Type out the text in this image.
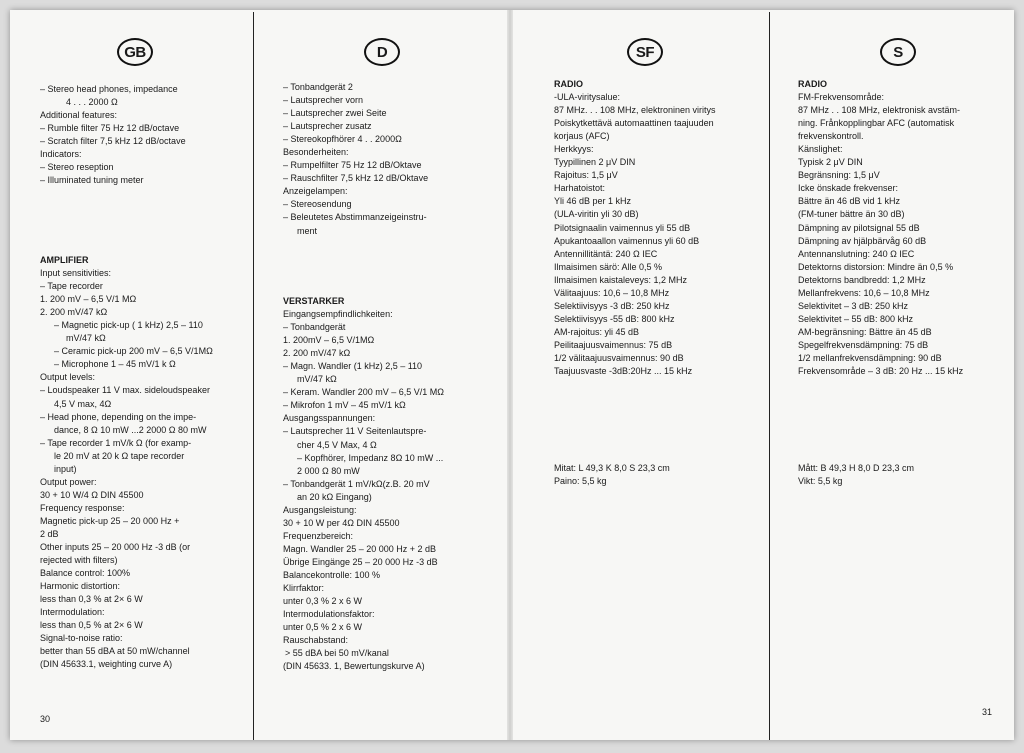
GB
– Stereo head phones, impedance
4 . . . 2000 Ω
Additional features:
– Rumble filter 75 Hz 12 dB/octave
– Scratch filter 7,5 kHz 12 dB/octave
Indicators:
– Stereo reseption
– Illuminated tuning meter
AMPLIFIER
Input sensitivities:
– Tape recorder
1. 200 mV – 6,5 V/1 MΩ
2. 200 mV/47 kΩ
– Magnetic pick-up ( 1 kHz) 2,5 – 110
mV/47 kΩ
– Ceramic pick-up 200 mV – 6,5 V/1MΩ
– Microphone 1 – 45 mV/1 k Ω
Output levels:
– Loudspeaker 11 V max. sideloudspeaker
4,5 V max, 4Ω
– Head phone, depending on the impe-
dance, 8 Ω 10 mW ...2 2000 Ω 80 mW
– Tape recorder 1 mV/k Ω (for examp-
le 20 mV at 20 k Ω tape recorder
input)
Output power:
30 + 10 W/4 Ω DIN 45500
Frequency response:
Magnetic pick-up 25 – 20 000 Hz +
2 dB
Other inputs 25 – 20 000 Hz -3 dB (or
rejected with filters)
Balance control: 100%
Harmonic distortion:
less than 0,3 % at 2× 6 W
Intermodulation:
less than 0,5 % at 2× 6 W
Signal-to-noise ratio:
better than 55 dBA at 50 mW/channel
(DIN 45633.1, weighting curve A)
30
D
– Tonbandgerät 2
– Lautsprecher vorn
– Lautsprecher zwei Seite
– Lautsprecher zusatz
– Stereokopfhörer 4 . . 2000Ω
Besonderheiten:
– Rumpelfilter 75 Hz 12 dB/Oktave
– Rauschfilter 7,5 kHz 12 dB/Oktave
Anzeigelampen:
– Stereosendung
– Beleutetes Abstimmanzeigeinstru-
ment
VERSTARKER
Eingangsempfindlichkeiten:
– Tonbandgerät
1. 200mV – 6,5 V/1MΩ
2. 200 mV/47 kΩ
– Magn. Wandler (1 kHz) 2,5 – 110
mV/47 kΩ
– Keram. Wandler 200 mV – 6,5 V/1 MΩ
– Mikrofon 1 mV – 45 mV/1 kΩ
Ausgangsspannungen:
– Lautsprecher 11 V Seitenlautspre-
cher 4,5 V Max, 4 Ω
– Kopfhörer, Impedanz 8Ω 10 mW ...
2 000 Ω 80 mW
– Tonbandgerät 1 mV/kΩ(z.B. 20 mV
an 20 kΩ Eingang)
Ausgangsleistung:
30 + 10 W per 4Ω DIN 45500
Frequenzbereich:
Magn. Wandler 25 – 20 000 Hz + 2 dB
Übrige Eingänge 25 – 20 000 Hz -3 dB
Balancekontrolle: 100 %
Klirrfaktor:
unter 0,3 % 2 x 6 W
Intermodulationsfaktor:
unter 0,5 % 2 x 6 W
Rauschabstand:
> 55 dBA bei 50 mV/kanal
(DIN 45633. 1, Bewertungskurve A)
SF
RADIO
-ULA-viritysalue:
87 MHz. . . 108 MHz, elektroninen viritys
Poiskytkettävä automaattinen taajuuden
korjaus (AFC)
Herkkyys:
Tyypillinen 2 μV DIN
Rajoitus: 1,5 μV
Harhatoistot:
Yli 46 dB per 1 kHz
(ULA-viritin yli 30 dB)
Pilotsignaalin vaimennus yli 55 dB
Apukantoaallon vaimennus yli 60 dB
Antennillitäntä: 240 Ω IEC
Ilmaisimen särö: Alle 0,5 %
Ilmaisimen kaistaleveys: 1,2 MHz
Välitaajuus: 10,6 – 10,8 MHz
Selektiivisyys -3 dB: 250 kHz
Selektiivisyys -55 dB: 800 kHz
AM-rajoitus: yli 45 dB
Peilitaajuusvaimennus: 75 dB
1/2 välitaajuusvaimennus: 90 dB
Taajuusvaste -3dB:20Hz ... 15 kHz
Mitat: L 49,3 K 8,0 S 23,3 cm
Paino: 5,5 kg
S
RADIO
FM-Frekvensområde:
87 MHz . . 108 MHz, elektronisk avstäm-
ning. Frånkopplingbar AFC (automatisk
frekvenskontroll.
Känslighet:
Typisk 2 μV DIN
Begränsning: 1,5 μV
Icke önskade frekvenser:
Bättre än 46 dB vid 1 kHz
(FM-tuner bättre än 30 dB)
Dämpning av pilotsignal 55 dB
Dämpning av hjälpbärvåg 60 dB
Antennanslutning: 240 Ω IEC
Detektorns distorsion: Mindre än 0,5 %
Detektorns bandbredd: 1,2 MHz
Mellanfrekvens: 10,6 – 10,8 MHz
Selektivitet – 3 dB: 250 kHz
Selektivitet – 55 dB: 800 kHz
AM-begränsning: Bättre än 45 dB
Spegelfrekvensdämpning: 75 dB
1/2 mellanfrekvensdämpning: 90 dB
Frekvensområde – 3 dB: 20 Hz ... 15 kHz
Mått: B 49,3 H 8,0 D 23,3 cm
Vikt: 5,5 kg
31
